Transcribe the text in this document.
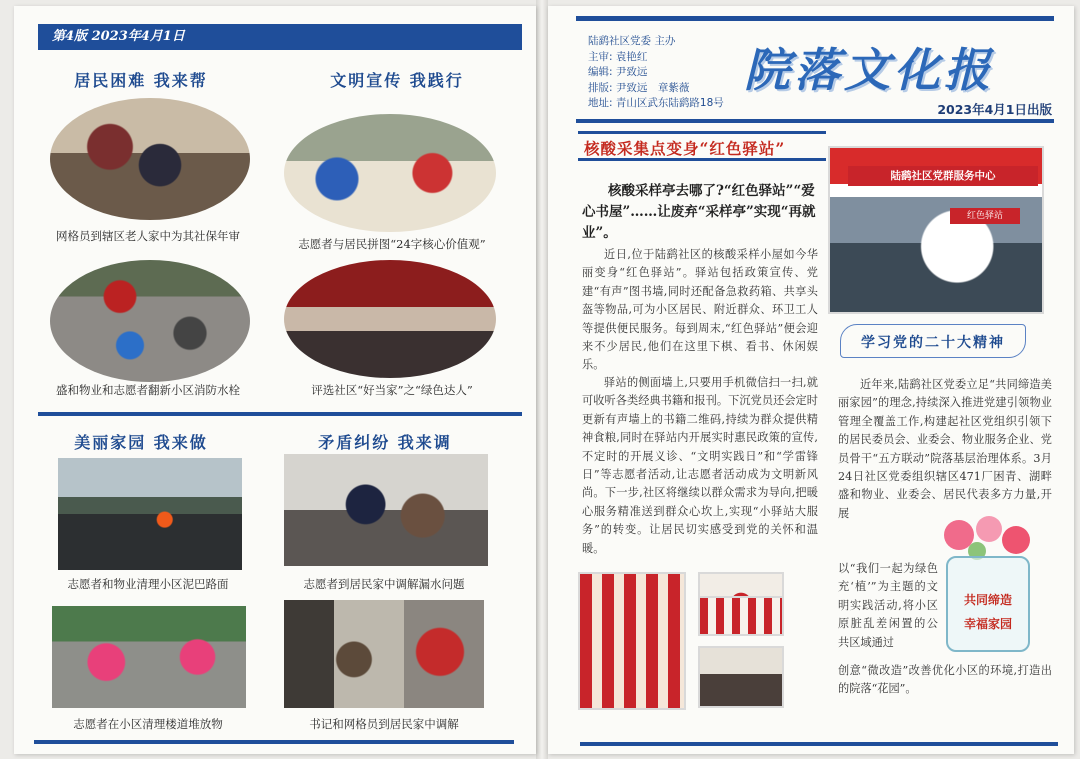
第4版 2023年4月1日
居民困难 我来帮
网格员到辖区老人家中为其社保年审
盛和物业和志愿者翻新小区消防水栓
文明宣传 我践行
志愿者与居民拼图“24字核心价值观”
评选社区“好当家”之“绿色达人”
美丽家园 我来做
志愿者和物业清理小区泥巴路面
志愿者在小区清理楼道堆放物
矛盾纠纷 我来调
志愿者到居民家中调解漏水问题
书记和网格员到居民家中调解
陆鹞社区党委 主办
主审: 袁艳红
编辑: 尹致远
排版: 尹致远　章紫薇
地址: 青山区武东陆鹞路18号
院落文化报
2023年4月1日出版
核酸采集点变身“红色驿站”
核酸采样亭去哪了?“红色驿站”“爱心书屋”……让废弃“采样亭”实现“再就业”。
近日,位于陆鹞社区的核酸采样小屋如今华丽变身“红色驿站”。驿站包括政策宣传、党建“有声”图书墙,同时还配备急救药箱、共享头盔等物品,可为小区居民、附近群众、环卫工人等提供便民服务。每到周末,“红色驿站”便会迎来不少居民,他们在这里下棋、看书、休闲娱乐。
驿站的侧面墙上,只要用手机微信扫一扫,就可收听各类经典书籍和报刊。下沉党员还会定时更新有声墙上的书籍二维码,持续为群众提供精神食粮,同时在驿站内开展实时惠民政策的宣传,不定时的开展义诊、“文明实践日”和“学雷锋日”等志愿者活动,让志愿者活动成为文明新风尚。下一步,社区将继续以群众需求为导向,把暖心服务精准送到群众心坎上,实现“小驿站大服务”的转变。让居民切实感受到党的关怀和温暖。
陆鹞社区党群服务中心
红色驿站
学习党的二十大精神
近年来,陆鹞社区党委立足“共同缔造美丽家园”的理念,持续深入推进党建引领物业管理全覆盖工作,构建起社区党组织引领下的居民委员会、业委会、物业服务企业、党员骨干“五方联动”院落基层治理体系。3月24日社区党委组织辖区471厂困青、湖畔盛和物业、业委会、居民代表多方力量,开展
以“我们一起为绿色充‘植’”为主题的文明实践活动,将小区原脏乱差闲置的公共区域通过
创意“微改造”改善优化小区的环境,打造出的院落“花园”。
共同缔造
幸福家园
